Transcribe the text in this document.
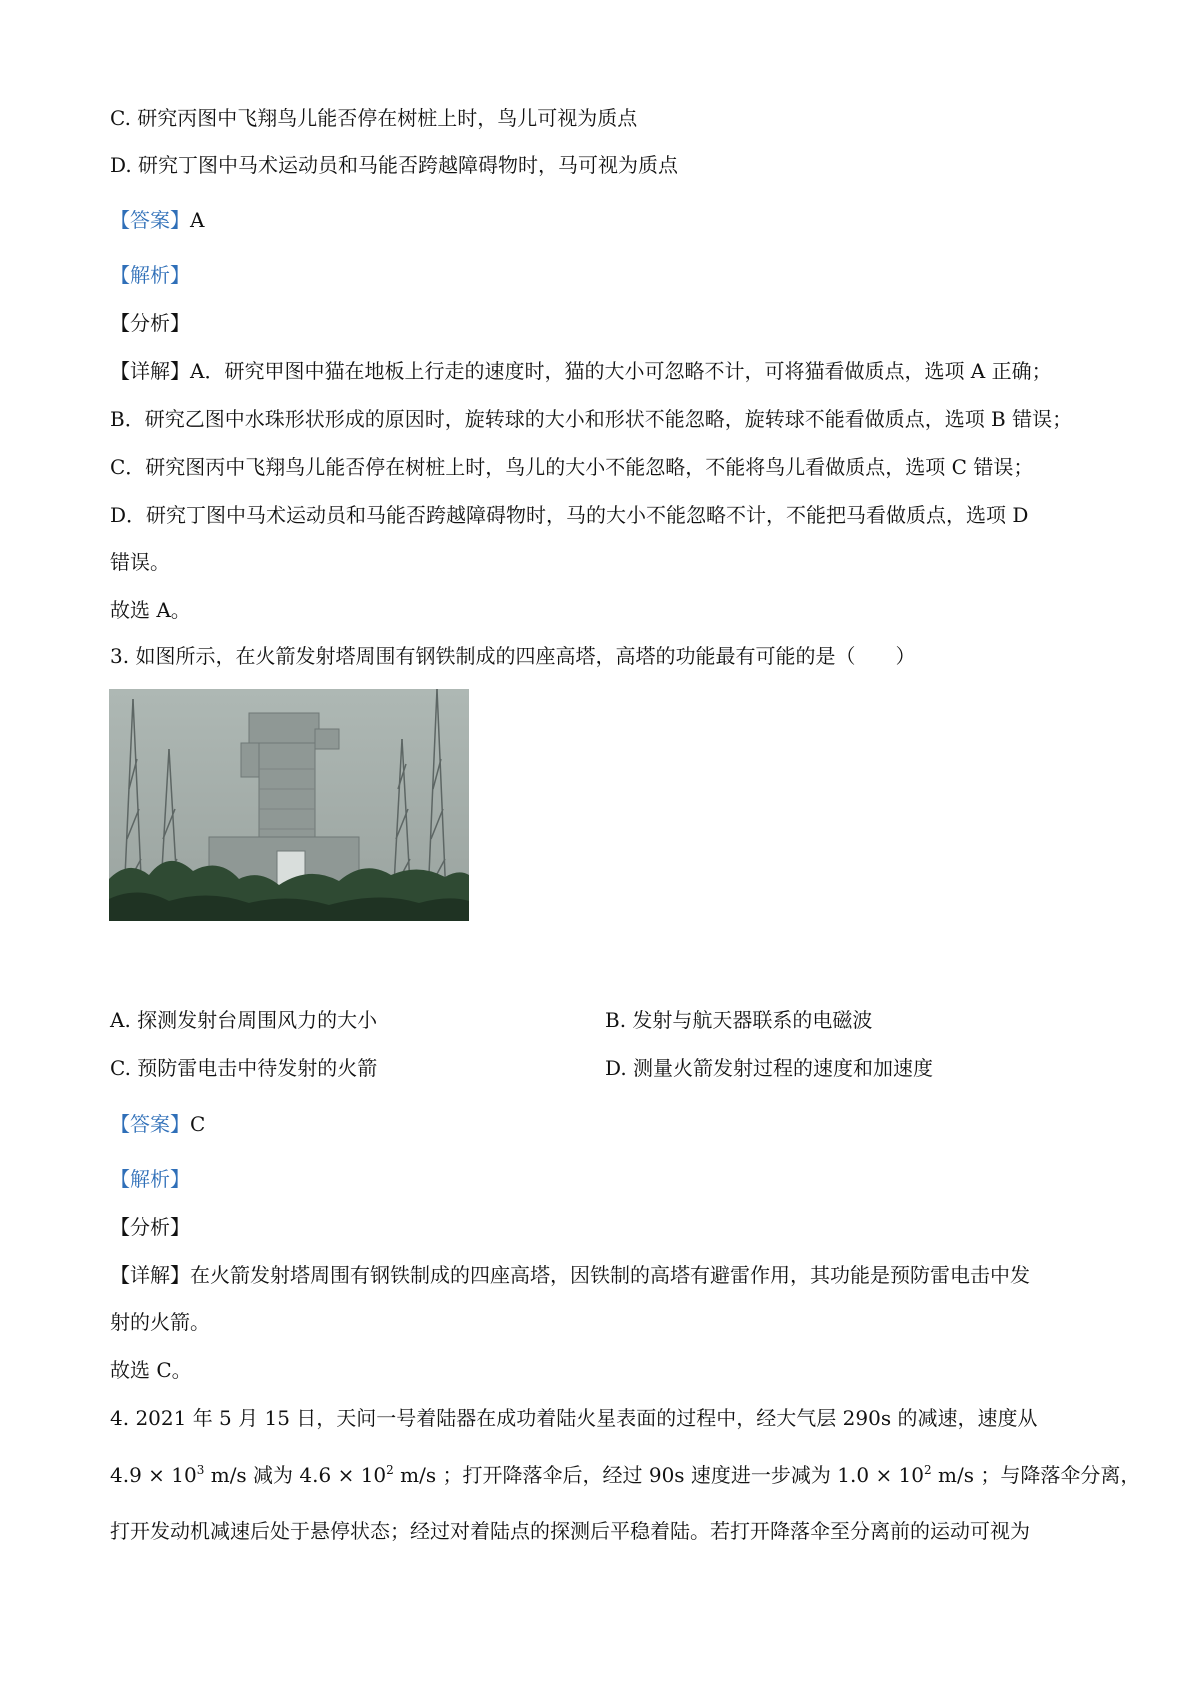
C. 研究丙图中飞翔鸟儿能否停在树桩上时，鸟儿可视为质点
D. 研究丁图中马术运动员和马能否跨越障碍物时，马可视为质点
【答案】A
【解析】
【分析】
【详解】A．研究甲图中猫在地板上行走的速度时，猫的大小可忽略不计，可将猫看做质点，选项 A 正确；
B．研究乙图中水珠形状形成的原因时，旋转球的大小和形状不能忽略，旋转球不能看做质点，选项 B 错误；
C．研究图丙中飞翔鸟儿能否停在树桩上时，鸟儿的大小不能忽略，不能将鸟儿看做质点，选项 C 错误；
D．研究丁图中马术运动员和马能否跨越障碍物时，马的大小不能忽略不计，不能把马看做质点，选项 D
错误。
故选 A。
3. 如图所示，在火箭发射塔周围有钢铁制成的四座高塔，高塔的功能最有可能的是（　　）
A. 探测发射台周围风力的大小	B. 发射与航天器联系的电磁波
C. 预防雷电击中待发射的火箭	D. 测量火箭发射过程的速度和加速度
【答案】C
【解析】
【分析】
【详解】在火箭发射塔周围有钢铁制成的四座高塔，因铁制的高塔有避雷作用，其功能是预防雷电击中发
射的火箭。
故选 C。
4. 2021 年 5 月 15 日，天问一号着陆器在成功着陆火星表面的过程中，经大气层 290s 的减速，速度从
$4.9 \times 10^3$ m/s 减为 $4.6 \times 10^2$ m/s ；打开降落伞后，经过 90s 速度进一步减为 $1.0 \times 10^2$ m/s ；与降落伞分离，
打开发动机减速后处于悬停状态；经过对着陆点的探测后平稳着陆。若打开降落伞至分离前的运动可视为
